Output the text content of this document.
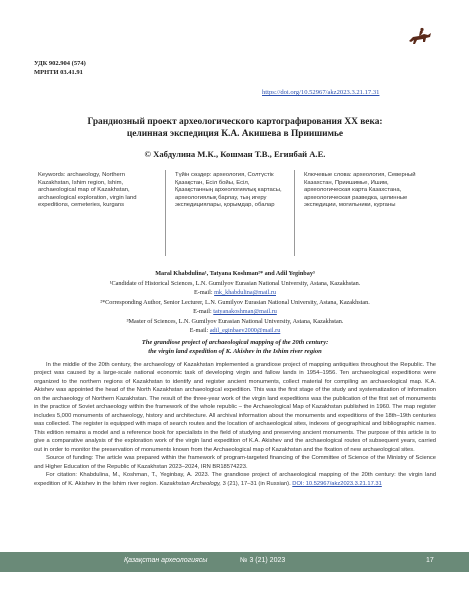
УДК 902.904 (574)
МРНТИ 03.41.91
https://doi.org/10.52967/akz2023.3.21.17.31
Грандиозный проект археологического картографирования XX века:
целинная экспедиция К.А. Акишева в Приишимье
© Хабдулина М.К., Кошман Т.В., Егинбай А.Е.
Keywords: archaeology, Northern Kazakhstan, Ishim region, Ishim, archaeological map of Kazakhstan, archaeological exploration, virgin land expeditions, cemeteries, kurgans
Түйін сөздер: археология, Солтүстік Қазақстан, Есіл бойы, Есіл, Қазақстанның археологиялық картасы, археологиялық барлау, тың игеру экспедициялары, қорымдар, обалар
Ключевые слова: археология, Северный Казахстан, Приишимье, Ишим, археологическая карта Казахстана, археологическая разведка, целинные экспедиции, могильники, курганы
Maral Khabdulina¹, Tatyana Koshman²* and Adil Yeginbay³
¹Candidate of Historical Sciences, L.N. Gumilyov Eurasian National University, Astana, Kazakhstan.
E-mail: mk_khabdulina@mail.ru
²*Corresponding Author, Senior Lecturer, L.N. Gumilyov Eurasian National University, Astana, Kazakhstan.
E-mail: tatyanakoshman@mail.ru
³Master of Sciences, L.N. Gumilyov Eurasian National University, Astana, Kazakhstan.
E-mail: adil_eginbaev2000@mail.ru
The grandiose project of archaeological mapping of the 20th century:
the virgin land expedition of K. Akishev in the Ishim river region

In the middle of the 20th century, the archaeology of Kazakhstan implemented a grandiose project of mapping antiquities throughout the Republic. The project was caused by a large-scale national economic task of developing virgin and fallow lands in 1954–1956. Ten archaeological expeditions were organized to the northern regions of Kazakhstan to identify and register ancient monuments, collect material for compiling an archaeological map. K.A. Akishev was appointed the head of the North Kazakhstan archaeological expedition. This was the first stage of the study and systematization of information on the archaeology of Northern Kazakhstan. The result of the three-year work of the virgin land expeditions was the publication of the first set of monuments in the practice of Soviet archaeology within the framework of the whole republic – the Archaeological Map of Kazakhstan published in 1960. The map register includes 5,000 monuments of archaeology, history and architecture. All archival information about the monuments and expeditions of the 18th–19th centuries was collected. The register is equipped with maps of search routes and the location of archaeological sites, indexes of geographical and bibliographic names. This edition remains a model and a reference book for specialists in the field of studying and preserving ancient monuments. The purpose of this article is to give a comparative analysis of the exploration work of the virgin land expedition of K.A. Akishev and the archaeological routes of subsequent years, carried out in order to monitor the preservation of monuments known from the Archaeological map of Kazakhstan and the fixation of new archaeological sites.

Source of funding: The article was prepared within the framework of program-targeted financing of the Committee of Science of the Ministry of Science and Higher Education of the Republic of Kazakhstan 2023–2024, IRN BR18574223.

For citation: Khabdulina, M., Koshman, T., Yeginbay, A. 2023. The grandiose project of archaeological mapping of the 20th century: the virgin land expedition of K. Akishev in the Ishim river region. Kazakhstan Archeology, 3 (21), 17–31 (in Russian). DOI: 10.52967/akz2023.3.21.17.31

Қазақстан археологиясы	№ 3 (21) 2023	17
